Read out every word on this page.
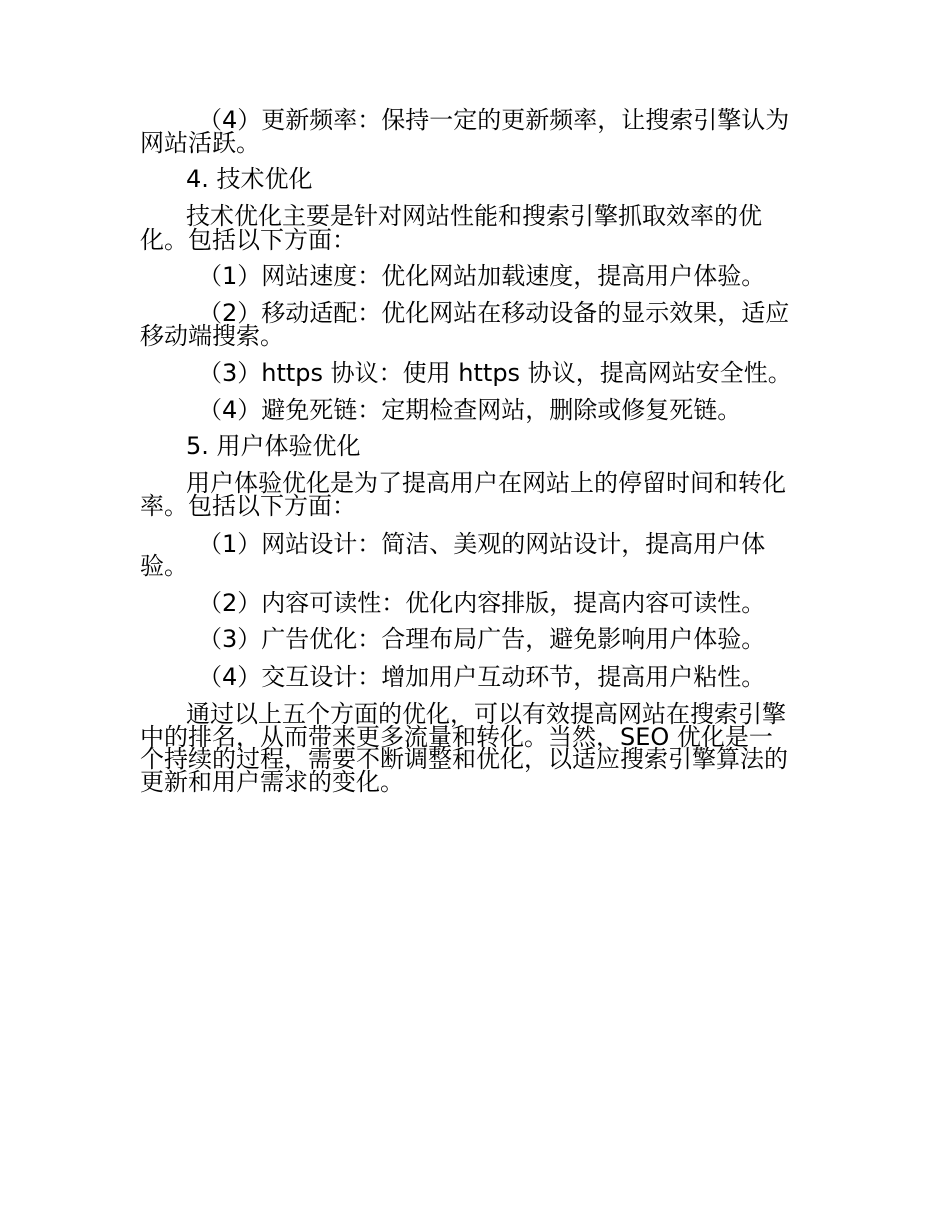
（4）更新频率：保持一定的更新频率，让搜索引擎认为
网站活跃。
4. 技术优化
技术优化主要是针对网站性能和搜索引擎抓取效率的优
化。包括以下方面：
（1）网站速度：优化网站加载速度，提高用户体验。
（2）移动适配：优化网站在移动设备的显示效果，适应
移动端搜索。
（3）https 协议：使用 https 协议，提高网站安全性。
（4）避免死链：定期检查网站，删除或修复死链。
5. 用户体验优化
用户体验优化是为了提高用户在网站上的停留时间和转化
率。包括以下方面：
（1）网站设计：简洁、美观的网站设计，提高用户体
验。
（2）内容可读性：优化内容排版，提高内容可读性。
（3）广告优化：合理布局广告，避免影响用户体验。
（4）交互设计：增加用户互动环节，提高用户粘性。
通过以上五个方面的优化，可以有效提高网站在搜索引擎
中的排名，从而带来更多流量和转化。当然，SEO 优化是一
个持续的过程，需要不断调整和优化，以适应搜索引擎算法的
更新和用户需求的变化。
